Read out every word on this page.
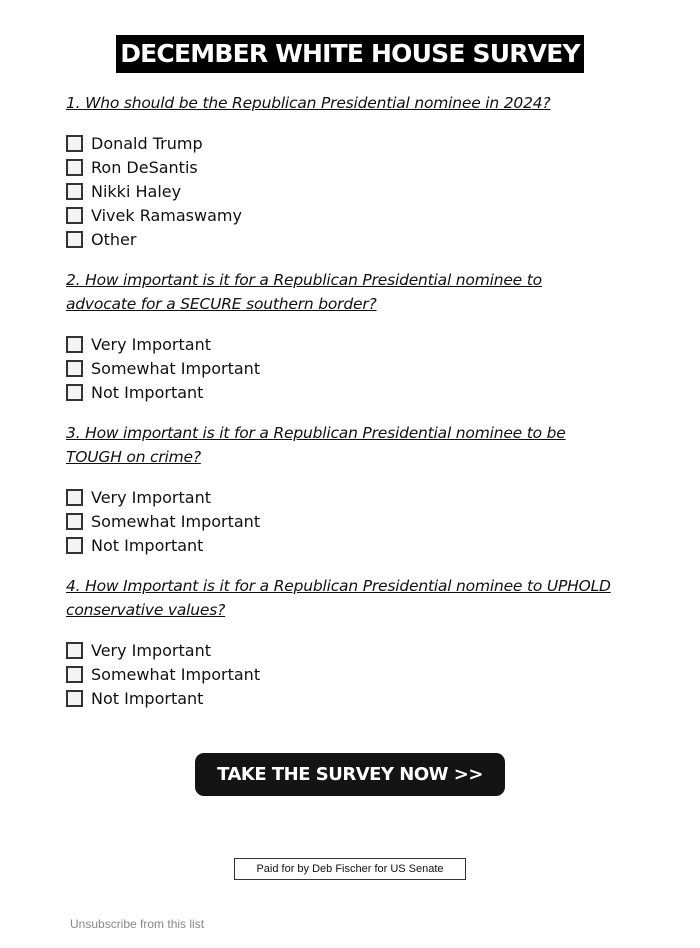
DECEMBER WHITE HOUSE SURVEY

1. Who should be the Republican Presidential nominee in 2024?

Donald Trump
Ron DeSantis
Nikki Haley
Vivek Ramaswamy
Other

2. How important is it for a Republican Presidential nominee to
advocate for a SECURE southern border?

Very Important
Somewhat Important
Not Important

3. How important is it for a Republican Presidential nominee to be
TOUGH on crime?

Very Important
Somewhat Important
Not Important

4. How Important is it for a Republican Presidential nominee to UPHOLD
conservative values?

Very Important
Somewhat Important
Not Important
TAKE THE SURVEY NOW >>
Paid for by Deb Fischer for US Senate
Unsubscribe from this list
